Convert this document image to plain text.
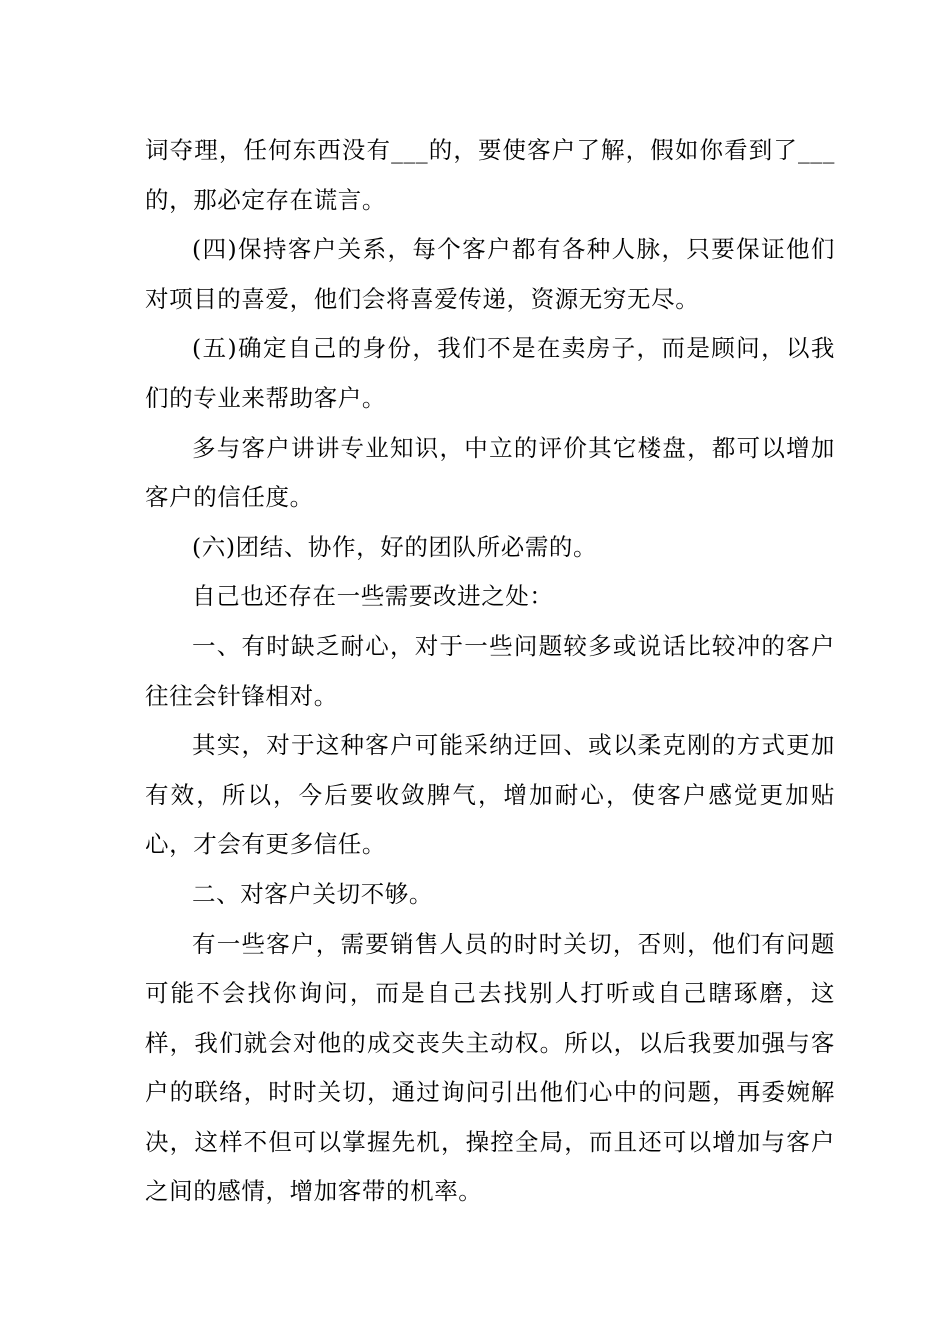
词夺理，任何东西没有___的，要使客户了解，假如你看到了___的，那必定存在谎言。

(四)保持客户关系，每个客户都有各种人脉，只要保证他们对项目的喜爱，他们会将喜爱传递，资源无穷无尽。

(五)确定自己的身份，我们不是在卖房子，而是顾问，以我们的专业来帮助客户。

多与客户讲讲专业知识，中立的评价其它楼盘，都可以增加客户的信任度。

(六)团结、协作，好的团队所必需的。

自己也还存在一些需要改进之处：

一、有时缺乏耐心，对于一些问题较多或说话比较冲的客户往往会针锋相对。

其实，对于这种客户可能采纳迂回、或以柔克刚的方式更加有效，所以，今后要收敛脾气，增加耐心，使客户感觉更加贴心，才会有更多信任。

二、对客户关切不够。

有一些客户，需要销售人员的时时关切，否则，他们有问题可能不会找你询问，而是自己去找别人打听或自己瞎琢磨，这样，我们就会对他的成交丧失主动权。所以，以后我要加强与客户的联络，时时关切，通过询问引出他们心中的问题，再委婉解决，这样不但可以掌握先机，操控全局，而且还可以增加与客户之间的感情，增加客带的机率。
